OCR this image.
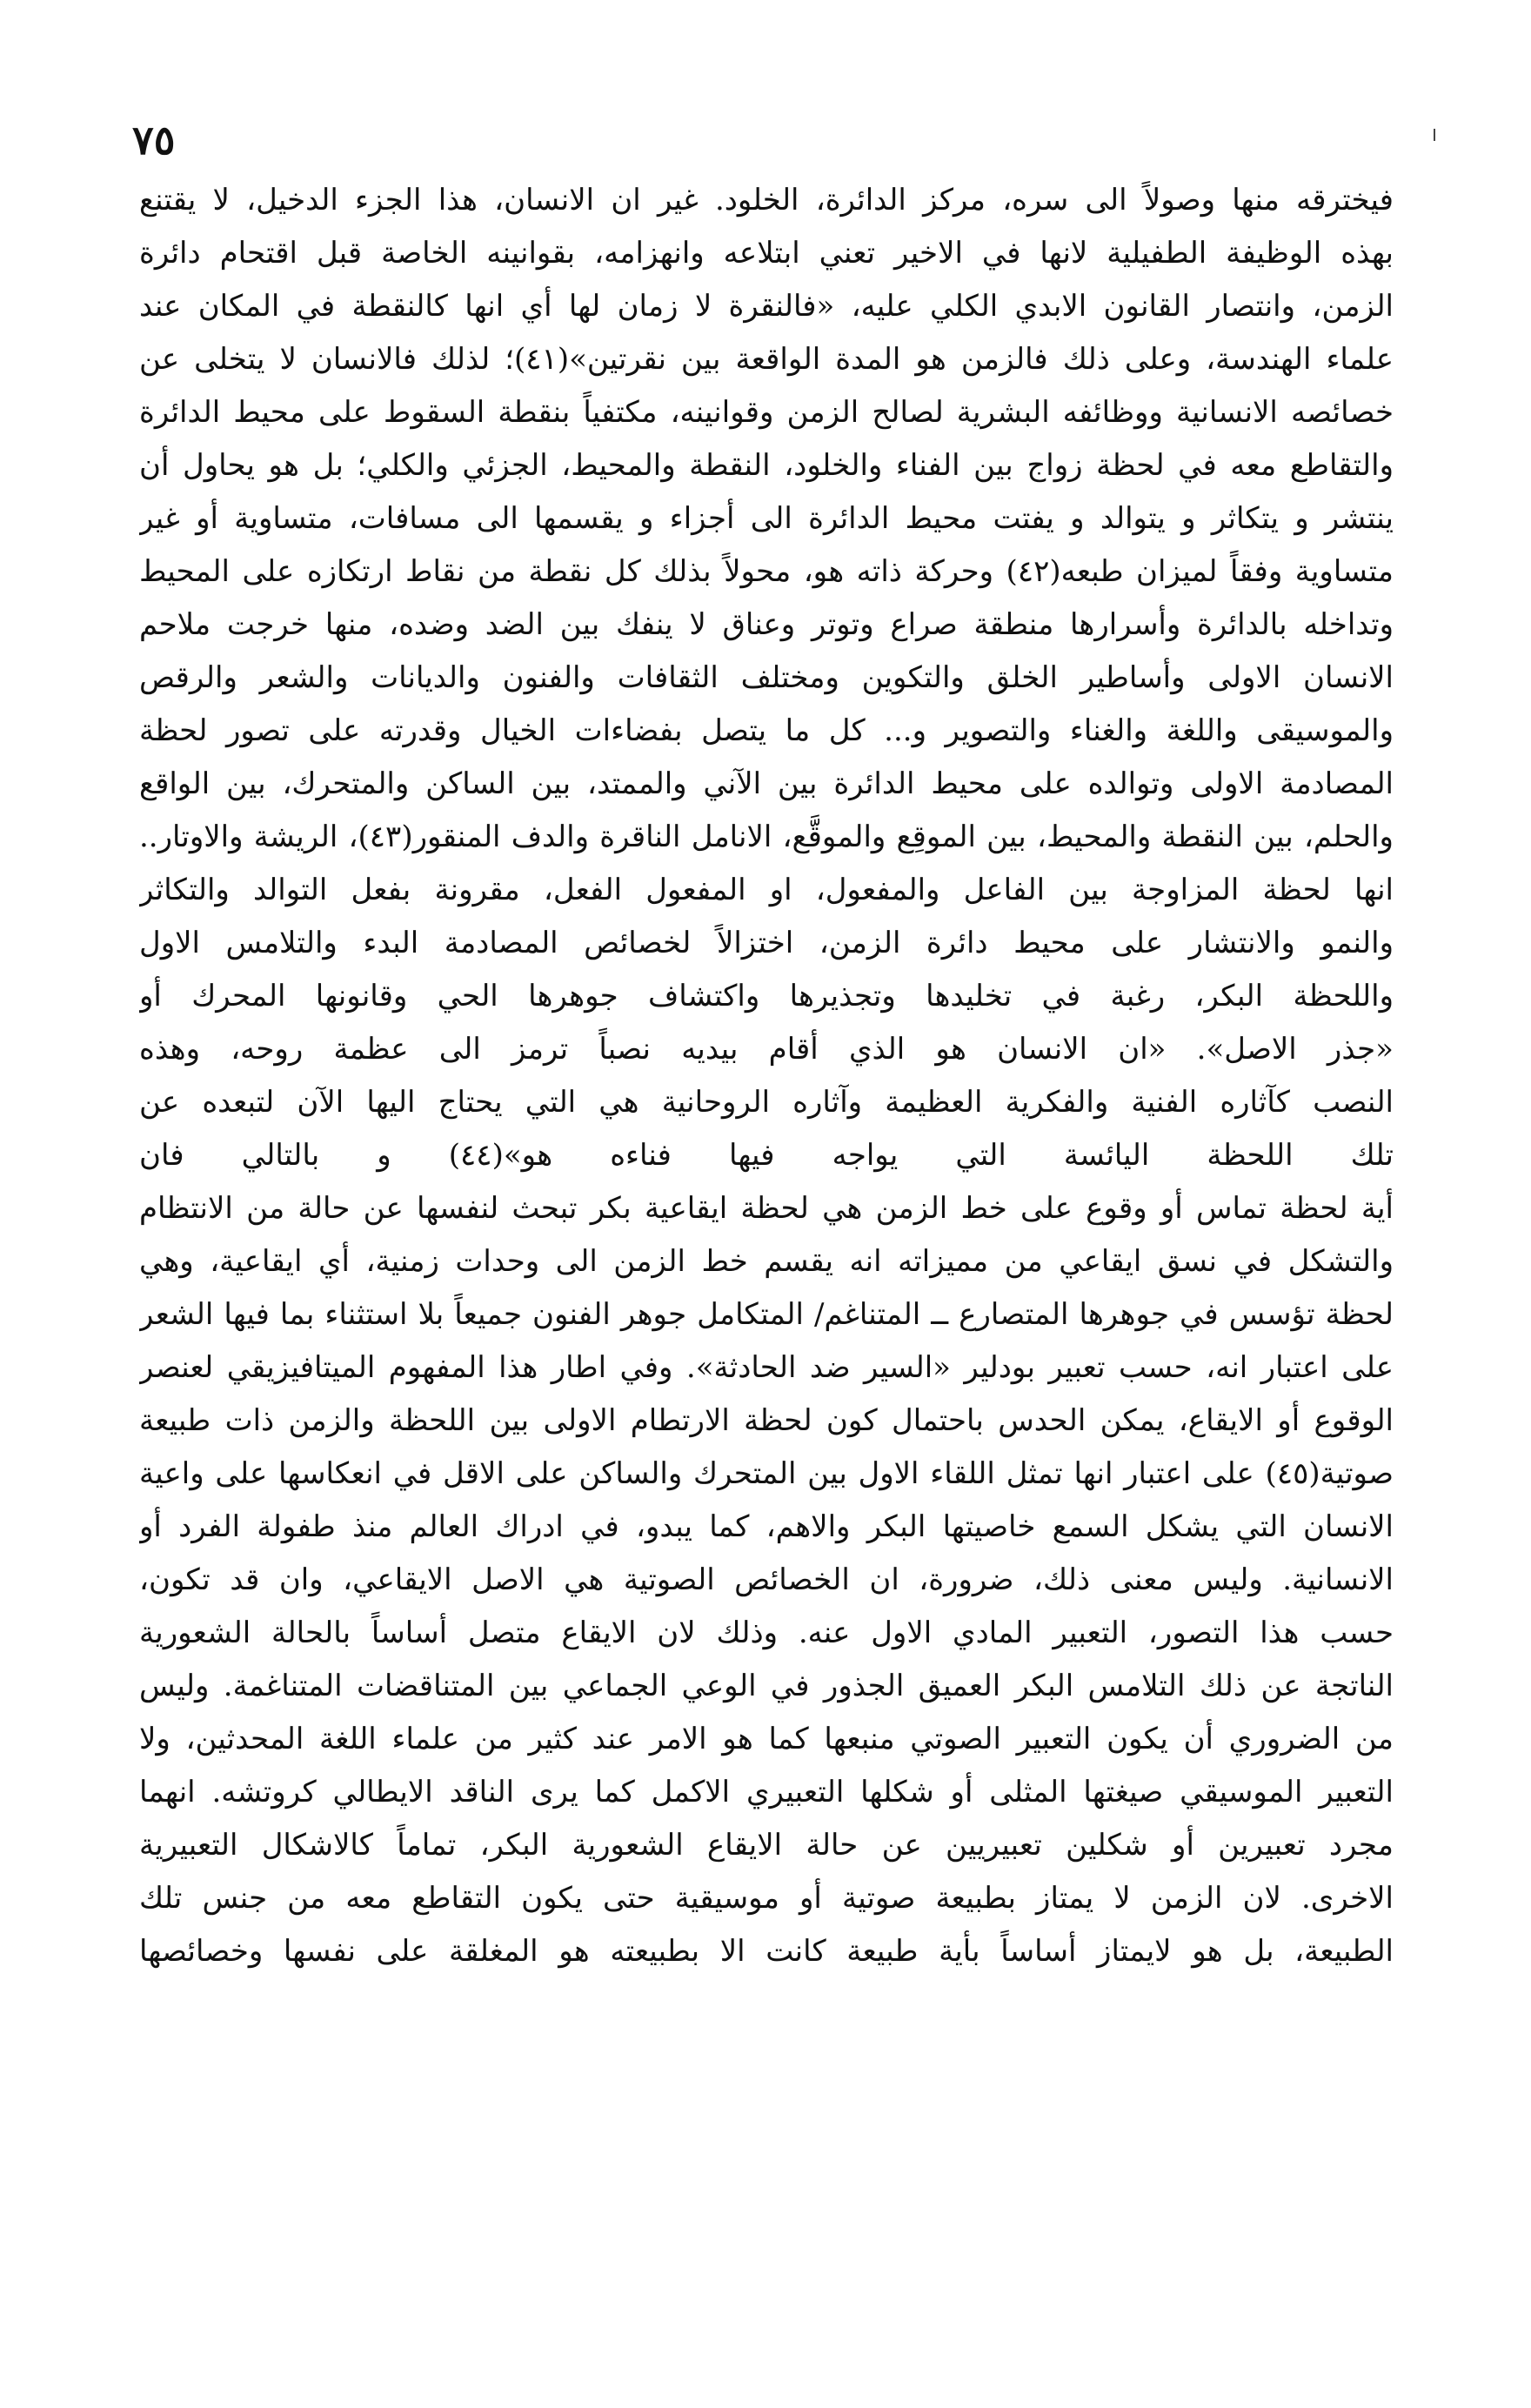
٧٥
فيخترقه منها وصولاً الى سره، مركز الدائرة، الخلود. غير ان الانسان، هذا الجزء الدخيل، لا يقتنع
بهذه الوظيفة الطفيلية لانها في الاخير تعني ابتلاعه وانهزامه، بقوانينه الخاصة قبل اقتحام دائرة
الزمن، وانتصار القانون الابدي الكلي عليه، «فالنقرة لا زمان لها أي انها كالنقطة في المكان عند
علماء الهندسة، وعلى ذلك فالزمن هو المدة الواقعة بين نقرتين»(٤١)؛ لذلك فالانسان لا يتخلى عن
خصائصه الانسانية ووظائفه البشرية لصالح الزمن وقوانينه، مكتفياً بنقطة السقوط على محيط الدائرة
والتقاطع معه في لحظة زواج بين الفناء والخلود، النقطة والمحيط، الجزئي والكلي؛ بل هو يحاول أن
ينتشر و يتكاثر و يتوالد و يفتت محيط الدائرة الى أجزاء و يقسمها الى مسافات، متساوية أو غير
متساوية وفقاً لميزان طبعه(٤٢) وحركة ذاته هو، محولاً بذلك كل نقطة من نقاط ارتكازه على المحيط
وتداخله بالدائرة وأسرارها منطقة صراع وتوتر وعناق لا ينفك بين الضد وضده، منها خرجت ملاحم
الانسان الاولى وأساطير الخلق والتكوين ومختلف الثقافات والفنون والديانات والشعر والرقص
والموسيقى واللغة والغناء والتصوير و... كل ما يتصل بفضاءات الخيال وقدرته على تصور لحظة
المصادمة الاولى وتوالده على محيط الدائرة بين الآني والممتد، بين الساكن والمتحرك، بين الواقع
والحلم، بين النقطة والمحيط، بين الموقِع والموقَّع، الانامل الناقرة والدف المنقور(٤٣)، الريشة والاوتار..
انها لحظة المزاوجة بين الفاعل والمفعول، او المفعول الفعل، مقرونة بفعل التوالد والتكاثر
والنمو والانتشار على محيط دائرة الزمن، اختزالاً لخصائص المصادمة البدء والتلامس الاول
واللحظة البكر، رغبة في تخليدها وتجذيرها واكتشاف جوهرها الحي وقانونها المحرك أو
«جذر الاصل». «ان الانسان هو الذي أقام بيديه نصباً ترمز الى عظمة روحه، وهذه
النصب كآثاره الفنية والفكرية العظيمة وآثاره الروحانية هي التي يحتاج اليها الآن لتبعده عن
تلك اللحظة اليائسة التي يواجه فيها فناءه هو»(٤٤) و بالتالي فان
أية لحظة تماس أو وقوع على خط الزمن هي لحظة ايقاعية بكر تبحث لنفسها عن حالة من الانتظام
والتشكل في نسق ايقاعي من مميزاته انه يقسم خط الزمن الى وحدات زمنية، أي ايقاعية، وهي
لحظة تؤسس في جوهرها المتصارع ــ المتناغم/ المتكامل جوهر الفنون جميعاً بلا استثناء بما فيها الشعر
على اعتبار انه، حسب تعبير بودلير «السير ضد الحادثة». وفي اطار هذا المفهوم الميتافيزيقي لعنصر
الوقوع أو الايقاع، يمكن الحدس باحتمال كون لحظة الارتطام الاولى بين اللحظة والزمن ذات طبيعة
صوتية(٤٥) على اعتبار انها تمثل اللقاء الاول بين المتحرك والساكن على الاقل في انعكاسها على واعية
الانسان التي يشكل السمع خاصيتها البكر والاهم، كما يبدو، في ادراك العالم منذ طفولة الفرد أو
الانسانية. وليس معنى ذلك، ضرورة، ان الخصائص الصوتية هي الاصل الايقاعي، وان قد تكون،
حسب هذا التصور، التعبير المادي الاول عنه. وذلك لان الايقاع متصل أساساً بالحالة الشعورية
الناتجة عن ذلك التلامس البكر العميق الجذور في الوعي الجماعي بين المتناقضات المتناغمة. وليس
من الضروري أن يكون التعبير الصوتي منبعها كما هو الامر عند كثير من علماء اللغة المحدثين، ولا
التعبير الموسيقي صيغتها المثلى أو شكلها التعبيري الاكمل كما يرى الناقد الايطالي كروتشه. انهما
مجرد تعبيرين أو شكلين تعبيريين عن حالة الايقاع الشعورية البكر، تماماً كالاشكال التعبيرية
الاخرى. لان الزمن لا يمتاز بطبيعة صوتية أو موسيقية حتى يكون التقاطع معه من جنس تلك
الطبيعة، بل هو لايمتاز أساساً بأية طبيعة كانت الا بطبيعته هو المغلقة على نفسها وخصائصها
